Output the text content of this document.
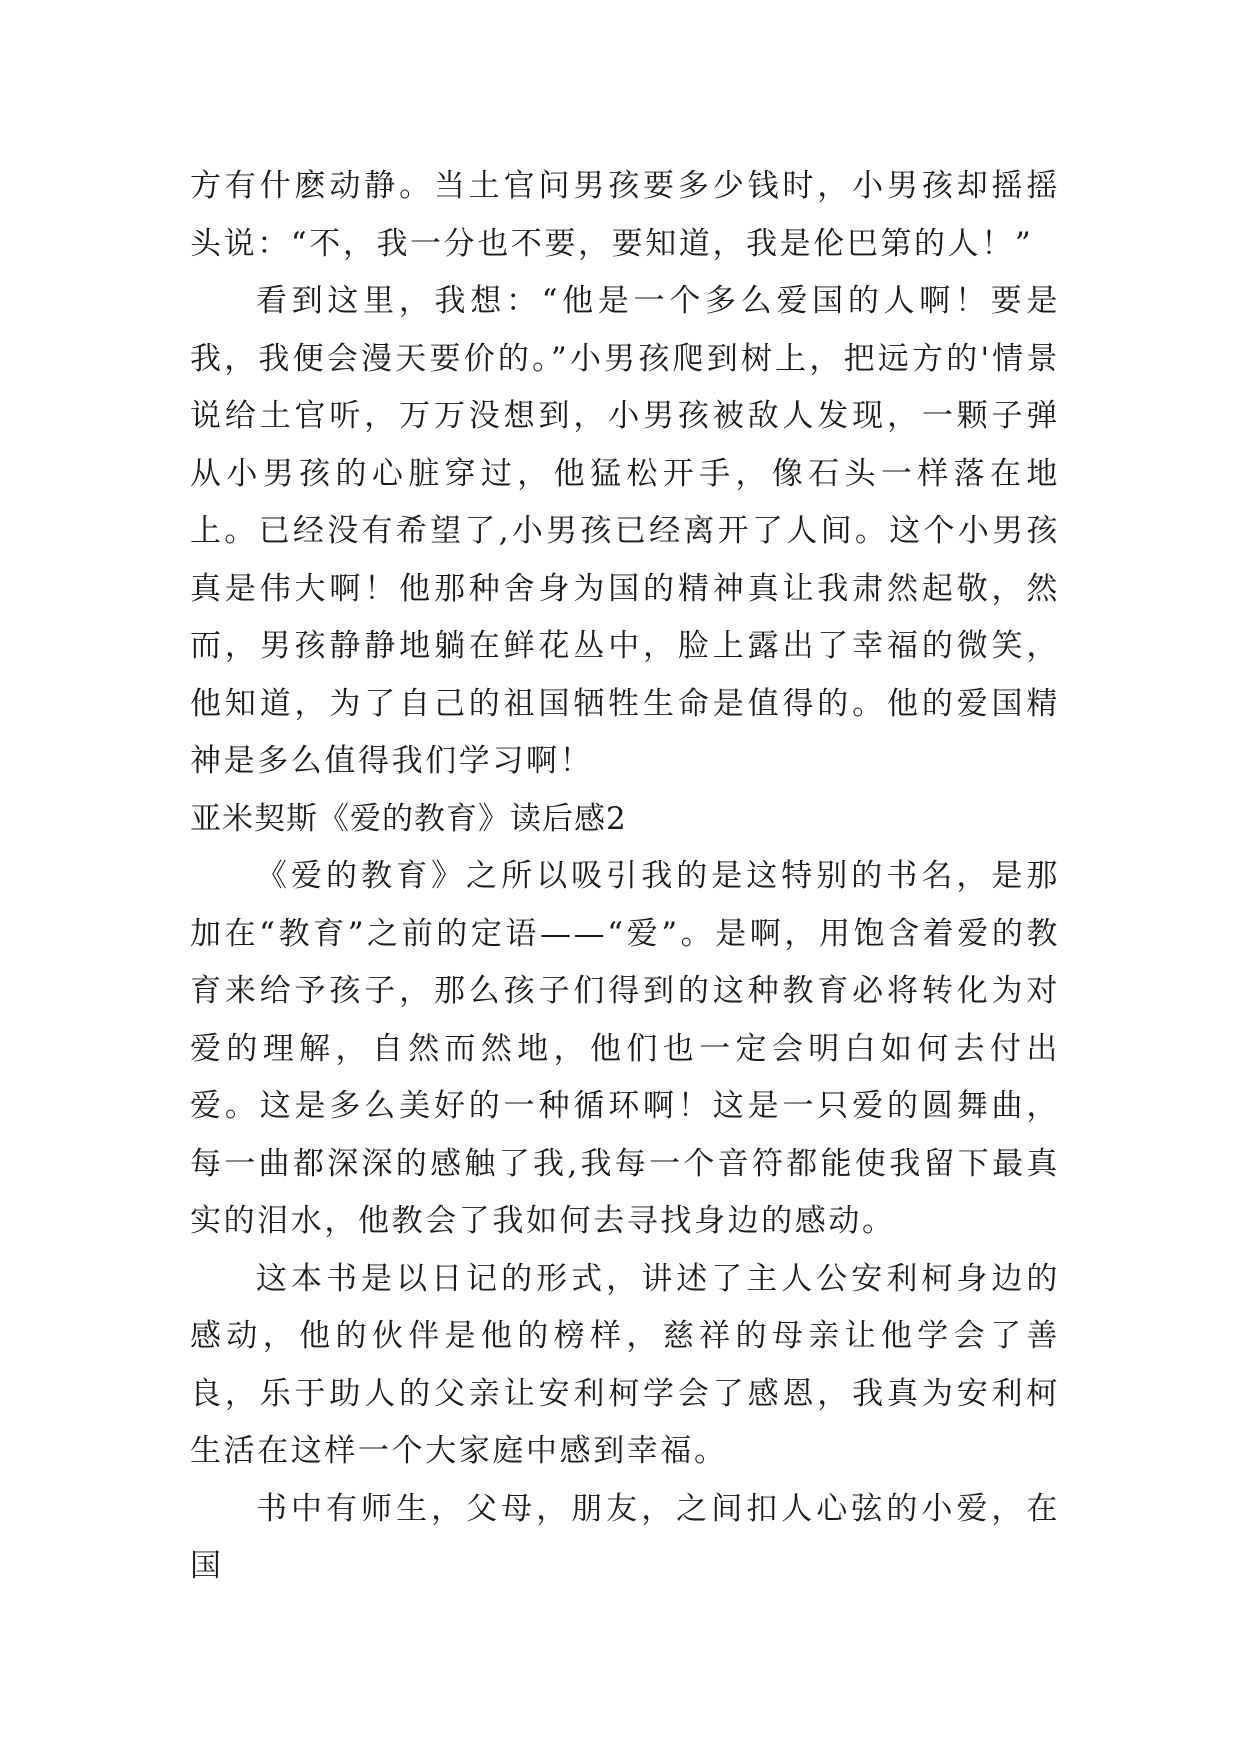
方有什麽动静。当土官问男孩要多少钱时，小男孩却摇摇头说：“不，我一分也不要，要知道，我是伦巴第的人！”

看到这里，我想：“他是一个多么爱国的人啊！要是我，我便会漫天要价的。”小男孩爬到树上，把远方的'情景说给土官听，万万没想到，小男孩被敌人发现，一颗子弹从小男孩的心脏穿过，他猛松开手，像石头一样落在地上。已经没有希望了,小男孩已经离开了人间。这个小男孩真是伟大啊！他那种舍身为国的精神真让我肃然起敬，然而，男孩静静地躺在鲜花丛中，脸上露出了幸福的微笑，他知道，为了自己的祖国牺牲生命是值得的。他的爱国精神是多么值得我们学习啊！

亚米契斯《爱的教育》读后感2

《爱的教育》之所以吸引我的是这特别的书名，是那加在“教育”之前的定语——“爱”。是啊，用饱含着爱的教育来给予孩子，那么孩子们得到的这种教育必将转化为对爱的理解，自然而然地，他们也一定会明白如何去付出爱。这是多么美好的一种循环啊！这是一只爱的圆舞曲，每一曲都深深的感触了我,我每一个音符都能使我留下最真实的泪水，他教会了我如何去寻找身边的感动。

这本书是以日记的形式，讲述了主人公安利柯身边的感动，他的伙伴是他的榜样，慈祥的母亲让他学会了善良，乐于助人的父亲让安利柯学会了感恩，我真为安利柯生活在这样一个大家庭中感到幸福。

书中有师生，父母，朋友，之间扣人心弦的小爱，在国
